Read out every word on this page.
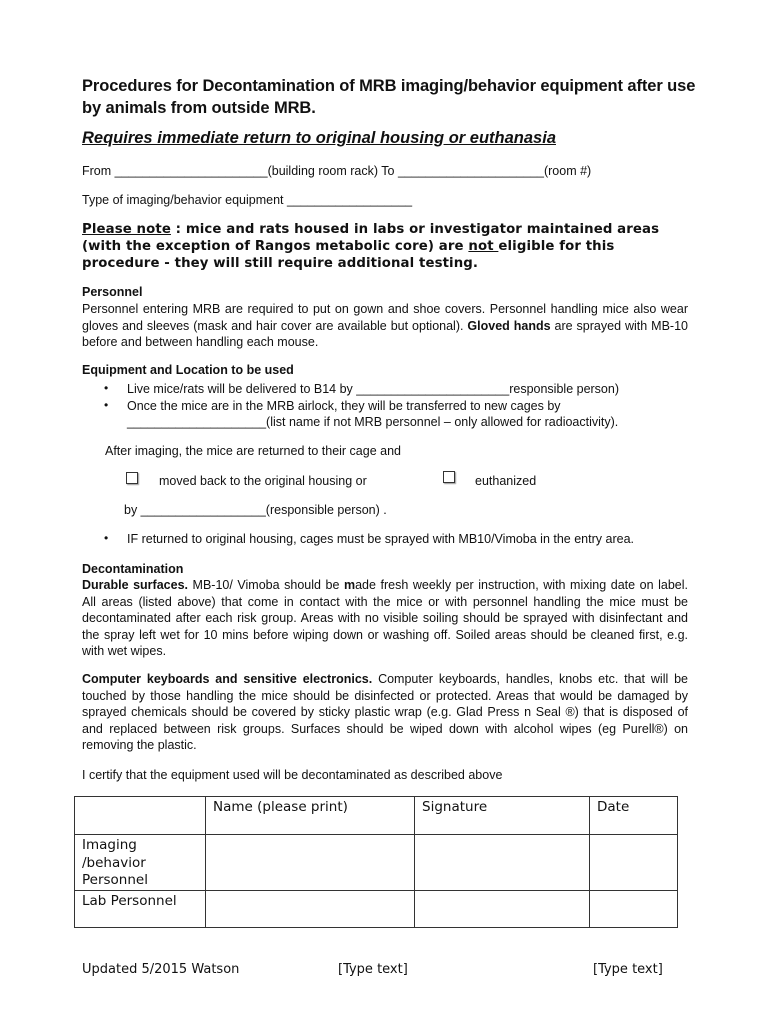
Procedures for Decontamination of MRB imaging/behavior equipment after use by animals from outside MRB.
Requires immediate return to original housing or euthanasia
From ______________________(building room rack) To _____________________(room #)
Type of imaging/behavior equipment __________________
Please note : mice and rats housed in labs or investigator maintained areas
(with the exception of Rangos metabolic core) are not eligible for this
procedure - they will still require additional testing.
Personnel
Personnel entering MRB are required to put on gown and shoe covers. Personnel handling mice also wear gloves and sleeves (mask and hair cover are available but optional). Gloved hands are sprayed with MB-10 before and between handling each mouse.
Equipment and Location to be used
• Live mice/rats will be delivered to B14 by ______________________responsible person)
• Once the mice are in the MRB airlock, they will be transferred to new cages by
____________________(list name if not MRB personnel – only allowed for radioactivity).
After imaging, the mice are returned to their cage and
moved back to the original housing or	euthanized
by __________________(responsible person) .
• IF returned to original housing, cages must be sprayed with MB10/Vimoba in the entry area.
Decontamination
Durable surfaces. MB-10/ Vimoba should be made fresh weekly per instruction, with mixing date on label. All areas (listed above) that come in contact with the mice or with personnel handling the mice must be decontaminated after each risk group. Areas with no visible soiling should be sprayed with disinfectant and the spray left wet for 10 mins before wiping down or washing off. Soiled areas should be cleaned first, e.g. with wet wipes.
Computer keyboards and sensitive electronics. Computer keyboards, handles, knobs etc. that will be touched by those handling the mice should be disinfected or protected. Areas that would be damaged by sprayed chemicals should be covered by sticky plastic wrap (e.g. Glad Press n Seal ®) that is disposed of and replaced between risk groups. Surfaces should be wiped down with alcohol wipes (eg Purell®) on removing the plastic.
I certify that the equipment used will be decontaminated as described above
	Name (please print)	Signature	Date
Imaging /behavior Personnel			
Lab Personnel			
Updated 5/2015 Watson	[Type text]	[Type text]
